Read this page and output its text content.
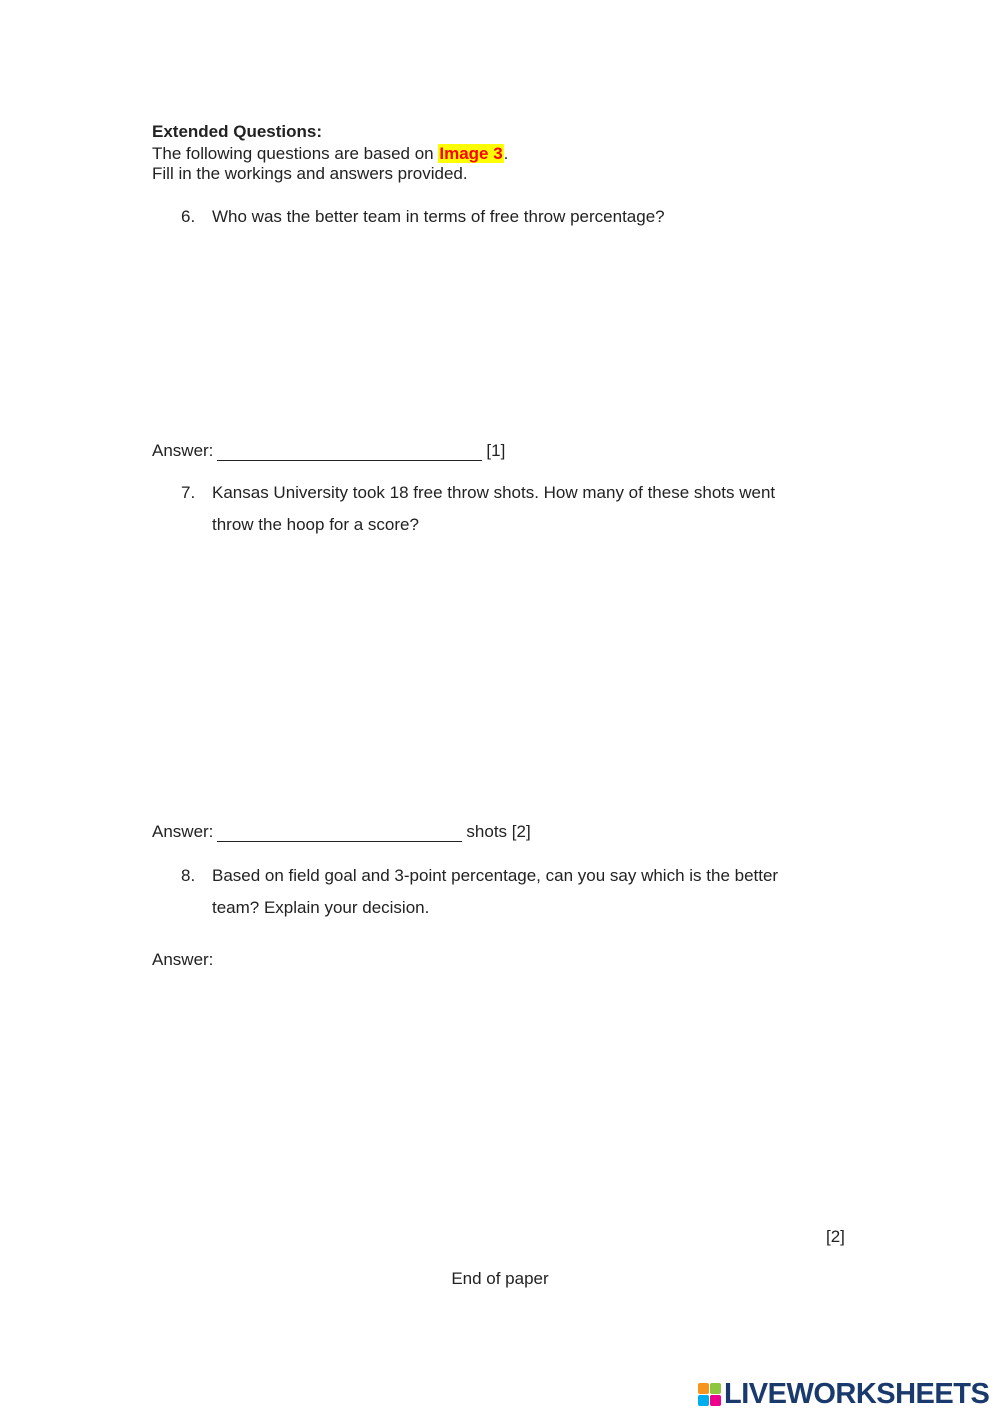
Extended Questions:
The following questions are based on Image 3.
Fill in the workings and answers provided.
6. Who was the better team in terms of free throw percentage?
Answer:	[1]
7. Kansas University took 18 free throw shots. How many of these shots went
throw the hoop for a score?
Answer:	shots [2]
8. Based on field goal and 3-point percentage, can you say which is the better
team? Explain your decision.
Answer:
[2]
End of paper
LIVEWORKSHEETS
